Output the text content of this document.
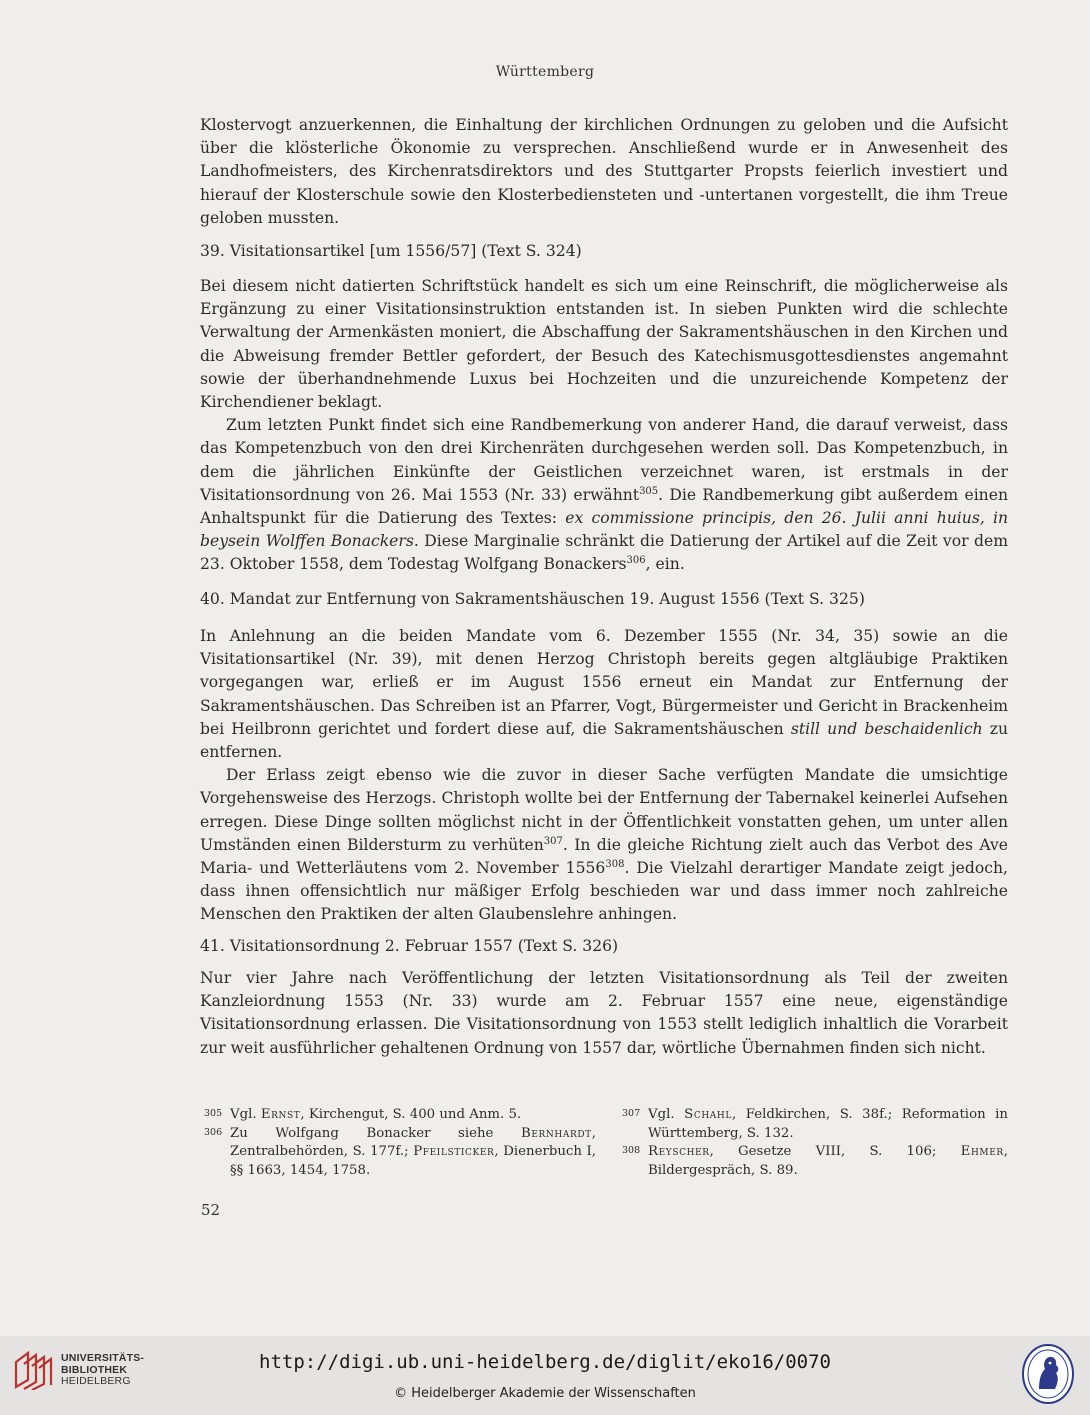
Württemberg

Klostervogt anzuerkennen, die Einhaltung der kirchlichen Ordnungen zu geloben und die Aufsicht über die klösterliche Ökonomie zu versprechen. Anschließend wurde er in Anwesenheit des Landhofmeisters, des Kirchenratsdirektors und des Stuttgarter Propsts feierlich investiert und hierauf der Klosterschule sowie den Klosterbediensteten und -untertanen vorgestellt, die ihm Treue geloben mussten.

39. Visitationsartikel [um 1556/57] (Text S. 324)

Bei diesem nicht datierten Schriftstück handelt es sich um eine Reinschrift, die möglicherweise als Ergänzung zu einer Visitationsinstruktion entstanden ist. In sieben Punkten wird die schlechte Verwaltung der Armenkästen moniert, die Abschaffung der Sakramentshäuschen in den Kirchen und die Abweisung fremder Bettler gefordert, der Besuch des Katechismusgottesdienstes angemahnt sowie der überhandnehmende Luxus bei Hochzeiten und die unzureichende Kompetenz der Kirchendiener beklagt.

Zum letzten Punkt findet sich eine Randbemerkung von anderer Hand, die darauf verweist, dass das Kompetenzbuch von den drei Kirchenräten durchgesehen werden soll. Das Kompetenzbuch, in dem die jährlichen Einkünfte der Geistlichen verzeichnet waren, ist erstmals in der Visitationsordnung von 26. Mai 1553 (Nr. 33) erwähnt$^{305}$. Die Randbemerkung gibt außerdem einen Anhaltspunkt für die Datierung des Textes: ex commissione principis, den 26. Julii anni huius, in beysein Wolffen Bonackers. Diese Marginalie schränkt die Datierung der Artikel auf die Zeit vor dem 23. Oktober 1558, dem Todestag Wolfgang Bonackers$^{306}$, ein.

40. Mandat zur Entfernung von Sakramentshäuschen 19. August 1556 (Text S. 325)

In Anlehnung an die beiden Mandate vom 6. Dezember 1555 (Nr. 34, 35) sowie an die Visitationsartikel (Nr. 39), mit denen Herzog Christoph bereits gegen altgläubige Praktiken vorgegangen war, erließ er im August 1556 erneut ein Mandat zur Entfernung der Sakramentshäuschen. Das Schreiben ist an Pfarrer, Vogt, Bürgermeister und Gericht in Brackenheim bei Heilbronn gerichtet und fordert diese auf, die Sakramentshäuschen still und beschaidenlich zu entfernen.

Der Erlass zeigt ebenso wie die zuvor in dieser Sache verfügten Mandate die umsichtige Vorgehensweise des Herzogs. Christoph wollte bei der Entfernung der Tabernakel keinerlei Aufsehen erregen. Diese Dinge sollten möglichst nicht in der Öffentlichkeit vonstatten gehen, um unter allen Umständen einen Bildersturm zu verhüten$^{307}$. In die gleiche Richtung zielt auch das Verbot des Ave Maria- und Wetterläutens vom 2. November 1556$^{308}$. Die Vielzahl derartiger Mandate zeigt jedoch, dass ihnen offensichtlich nur mäßiger Erfolg beschieden war und dass immer noch zahlreiche Menschen den Praktiken der alten Glaubenslehre anhingen.

41. Visitationsordnung 2. Februar 1557 (Text S. 326)

Nur vier Jahre nach Veröffentlichung der letzten Visitationsordnung als Teil der zweiten Kanzleiordnung 1553 (Nr. 33) wurde am 2. Februar 1557 eine neue, eigenständige Visitationsordnung erlassen. Die Visitationsordnung von 1553 stellt lediglich inhaltlich die Vorarbeit zur weit ausführlicher gehaltenen Ordnung von 1557 dar, wörtliche Übernahmen finden sich nicht.

305 Vgl. Ernst, Kirchengut, S. 400 und Anm. 5.

306 Zu Wolfgang Bonacker siehe Bernhardt, Zentralbehörden, S. 177f.; Pfeilsticker, Dienerbuch I, §§ 1663, 1454, 1758.

307 Vgl. Schahl, Feldkirchen, S. 38f.; Reformation in Württemberg, S. 132.

308 Reyscher, Gesetze VIII, S. 106; Ehmer, Bildergespräch, S. 89.

52
UNIVERSITÄTS-
BIBLIOTHEK
HEIDELBERG
http://digi.ub.uni-heidelberg.de/diglit/eko16/0070
© Heidelberger Akademie der Wissenschaften
